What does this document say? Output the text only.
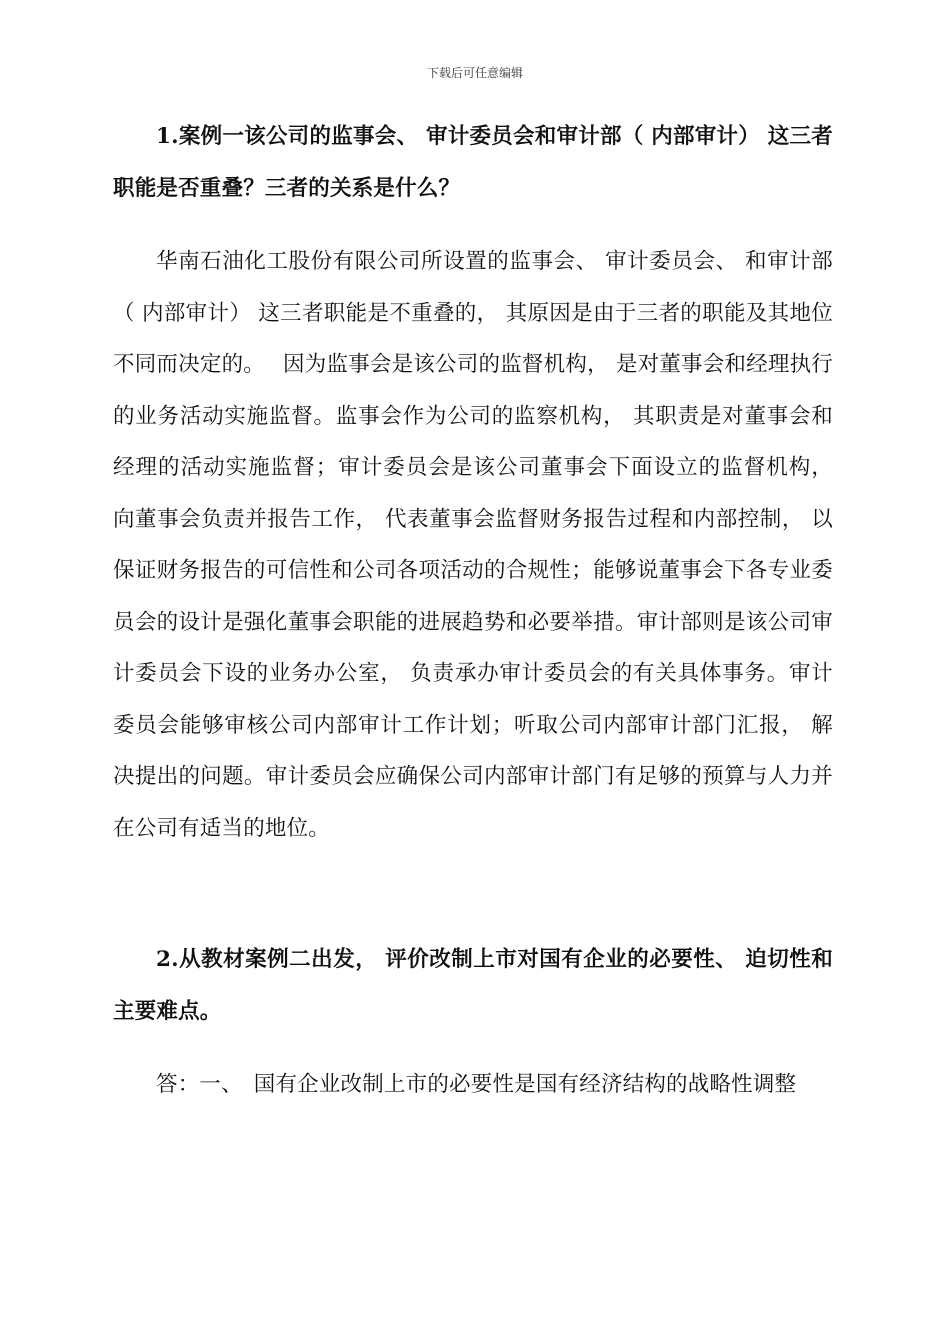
下载后可任意编辑

1.案例一该公司的监事会、 审计委员会和审计部（ 内部审计） 这三者职能是否重叠？三者的关系是什么？

华南石油化工股份有限公司所设置的监事会、 审计委员会、 和审计部（ 内部审计） 这三者职能是不重叠的， 其原因是由于三者的职能及其地位不同而决定的。　 因为监事会是该公司的监督机构， 是对董事会和经理执行的业务活动实施监督。监事会作为公司的监察机构， 其职责是对董事会和经理的活动实施监督；审计委员会是该公司董事会下面设立的监督机构， 向董事会负责并报告工作， 代表董事会监督财务报告过程和内部控制， 以保证财务报告的可信性和公司各项活动的合规性；能够说董事会下各专业委员会的设计是强化董事会职能的进展趋势和必要举措。审计部则是该公司审计委员会下设的业务办公室， 负责承办审计委员会的有关具体事务。审计委员会能够审核公司内部审计工作计划；听取公司内部审计部门汇报， 解决提出的问题。审计委员会应确保公司内部审计部门有足够的预算与人力并在公司有适当的地位。

2.从教材案例二出发， 评价改制上市对国有企业的必要性、 迫切性和主要难点。

答：一、　国有企业改制上市的必要性是国有经济结构的战略性调整
